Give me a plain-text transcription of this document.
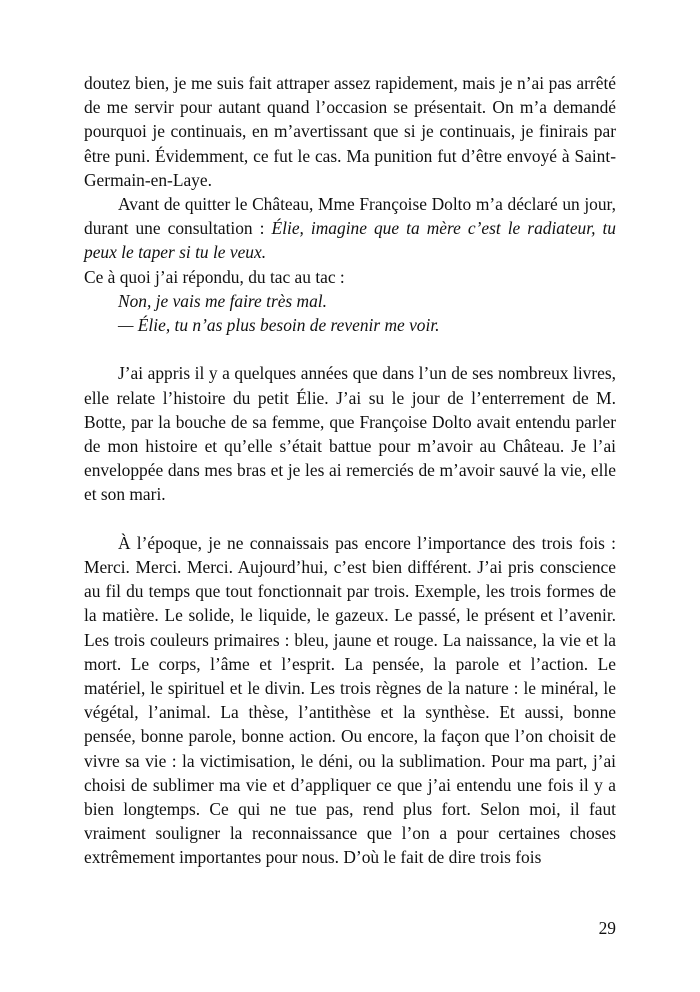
doutez bien, je me suis fait attraper assez rapidement, mais je n’ai pas arrêté de me servir pour autant quand l’occasion se présentait. On m’a demandé pourquoi je continuais, en m’avertissant que si je continuais, je finirais par être puni. Évidemment, ce fut le cas. Ma punition fut d’être envoyé à Saint-Germain-en-Laye.

Avant de quitter le Château, Mme Françoise Dolto m’a déclaré un jour, durant une consultation : Élie, imagine que ta mère c’est le radiateur, tu peux le taper si tu le veux.

Ce à quoi j’ai répondu, du tac au tac :

Non, je vais me faire très mal.

— Élie, tu n’as plus besoin de revenir me voir.

J’ai appris il y a quelques années que dans l’un de ses nombreux livres, elle relate l’histoire du petit Élie. J’ai su le jour de l’enterrement de M. Botte, par la bouche de sa femme, que Françoise Dolto avait entendu parler de mon histoire et qu’elle s’était battue pour m’avoir au Château. Je l’ai enveloppée dans mes bras et je les ai remerciés de m’avoir sauvé la vie, elle et son mari.

À l’époque, je ne connaissais pas encore l’importance des trois fois : Merci. Merci. Merci. Aujourd’hui, c’est bien différent. J’ai pris conscience au fil du temps que tout fonctionnait par trois. Exemple, les trois formes de la matière. Le solide, le liquide, le gazeux. Le passé, le présent et l’avenir. Les trois couleurs primaires : bleu, jaune et rouge. La naissance, la vie et la mort. Le corps, l’âme et l’esprit. La pensée, la parole et l’action. Le matériel, le spirituel et le divin. Les trois règnes de la nature : le minéral, le végétal, l’animal. La thèse, l’antithèse et la synthèse. Et aussi, bonne pensée, bonne parole, bonne action. Ou encore, la façon que l’on choisit de vivre sa vie : la victimisation, le déni, ou la sublimation. Pour ma part, j’ai choisi de sublimer ma vie et d’appliquer ce que j’ai entendu une fois il y a bien longtemps. Ce qui ne tue pas, rend plus fort. Selon moi, il faut vraiment souligner la reconnaissance que l’on a pour certaines choses extrêmement importantes pour nous. D’où le fait de dire trois fois

29
